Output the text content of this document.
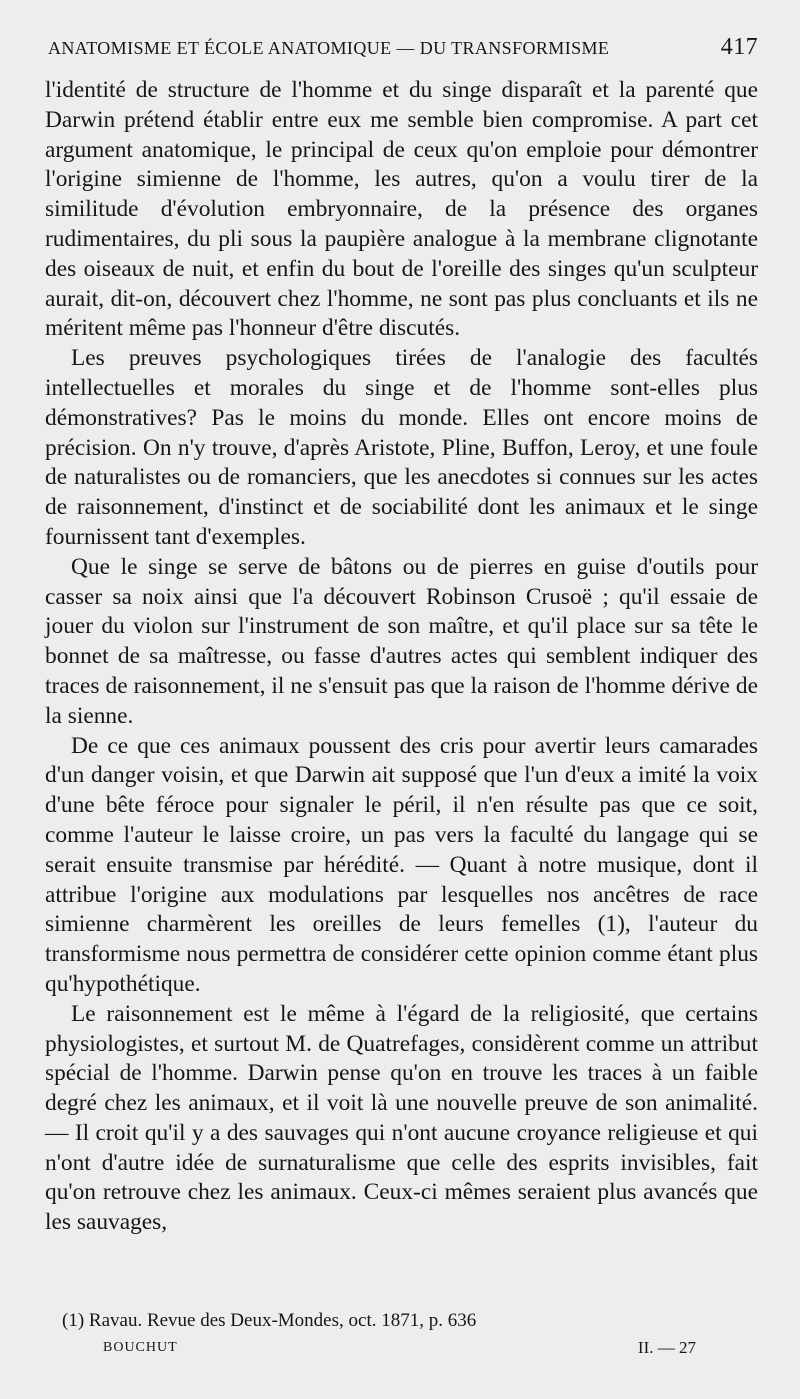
ANATOMISME ET ÉCOLE ANATOMIQUE — DU TRANSFORMISME	417

l'identité de structure de l'homme et du singe disparaît et la parenté que Darwin prétend établir entre eux me semble bien compromise. A part cet argument anatomique, le principal de ceux qu'on emploie pour démontrer l'origine simienne de l'homme, les autres, qu'on a voulu tirer de la similitude d'évolution embryonnaire, de la présence des organes rudimentaires, du pli sous la paupière analogue à la membrane clignotante des oiseaux de nuit, et enfin du bout de l'oreille des singes qu'un sculpteur aurait, dit-on, découvert chez l'homme, ne sont pas plus concluants et ils ne méritent même pas l'honneur d'être discutés.

Les preuves psychologiques tirées de l'analogie des facultés intellectuelles et morales du singe et de l'homme sont-elles plus démonstratives? Pas le moins du monde. Elles ont encore moins de précision. On n'y trouve, d'après Aristote, Pline, Buffon, Leroy, et une foule de naturalistes ou de romanciers, que les anecdotes si connues sur les actes de raisonnement, d'instinct et de sociabilité dont les animaux et le singe fournissent tant d'exemples.

Que le singe se serve de bâtons ou de pierres en guise d'outils pour casser sa noix ainsi que l'a découvert Robinson Crusoë ; qu'il essaie de jouer du violon sur l'instrument de son maître, et qu'il place sur sa tête le bonnet de sa maîtresse, ou fasse d'autres actes qui semblent indiquer des traces de raisonnement, il ne s'ensuit pas que la raison de l'homme dérive de la sienne.

De ce que ces animaux poussent des cris pour avertir leurs camarades d'un danger voisin, et que Darwin ait supposé que l'un d'eux a imité la voix d'une bête féroce pour signaler le péril, il n'en résulte pas que ce soit, comme l'auteur le laisse croire, un pas vers la faculté du langage qui se serait ensuite transmise par hérédité. — Quant à notre musique, dont il attribue l'origine aux modulations par lesquelles nos ancêtres de race simienne charmèrent les oreilles de leurs femelles (1), l'auteur du transformisme nous permettra de considérer cette opinion comme étant plus qu'hypothétique.

Le raisonnement est le même à l'égard de la religiosité, que certains physiologistes, et surtout M. de Quatrefages, considèrent comme un attribut spécial de l'homme. Darwin pense qu'on en trouve les traces à un faible degré chez les animaux, et il voit là une nouvelle preuve de son animalité. — Il croit qu'il y a des sauvages qui n'ont aucune croyance religieuse et qui n'ont d'autre idée de surnaturalisme que celle des esprits invisibles, fait qu'on retrouve chez les animaux. Ceux-ci mêmes seraient plus avancés que les sauvages,

(1) Ravau. Revue des Deux-Mondes, oct. 1871, p. 636
BOUCHUT	II. — 27
